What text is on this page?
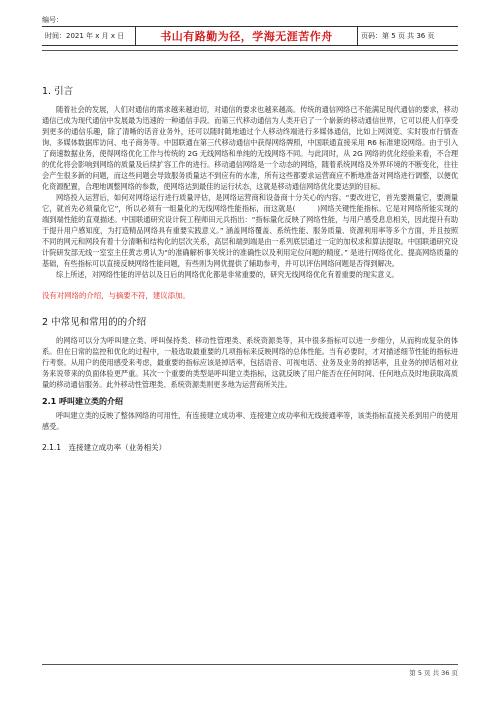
编号：
时间：2021 年 x 月 x 日	书山有路勤为径，学海无涯苦作舟	页码：第 5 页 共 36 页
1. 引言

随着社会的发展，人们对通信的需求越来越迫切，对通信的要求也越来越高。传统的通信网络已不能满足现代通信的要求，移动通信已成为现代通信中发展最为迅速的一种通信手段。而第三代移动通信为人类开启了一个崭新的移动通信世界，它可以使人们享受到更多的通信乐趣，除了清晰的话音业务外，还可以随时随地通过个人移动终端进行多媒体通信，比如上网浏览、实时股市行情查询、多媒体数据库访问、电子商务等。中国联通在第三代移动通信中获得网络牌照，中国联通直接采用 R6 标准建设网络。由于引入了商速数据业务，使得网络优化工作与传统的 2G 无线网络和单纯的无线网络不同。与此同时，从 2G 网络的优化经验来看，不合理的优化将会影响到网络的质量及后续扩容工作的进行。移动通信网络是一个动态的网络，随着系统网络及外界环境的不断变化，往往会产生很多新的问题，而这些问题会导致服务质量达不到应有的水准，所有这些都要求运营商应不断地准备对网络进行调整，以便优化资源配置，合理地调整网络的参数，使网络达到最佳的运行状态，这就是移动通信网络优化要达到的目标。

网络投入运营后，如何对网络运行进行质量评估，是网络运营商和设备商十分关心的内容。“要改进它，首先要测量它，要测量它，就首先必须量化它”，所以必须有一组量化的无线网络性能指标，而这就是(　　　)网络关键性能指标。它是对网络所能实现的端到端性能的直观描述。中国联通研究设计院工程师田元兵指出：“指标量化反映了网络性能，与用户感受息息相关，因此提升有助于提升用户感知度，为打造精品网络具有重要实践意义。” 涵盖网络覆盖、系统性能、服务质量、资源利用率等多个方面，并且按照不同的网元和网段有着十分清晰和结构化的层次关系，高层和端到端是由一系列底层通过一定的加权求和算法提取。中国联通研究设计院研发部无线一室室主任黄志勇认为“的准确解析事关统计的准确性以及利用定位问题的精度。” 是进行网络优化、提高网络质量的基础，有些指标可以直接反映网络性能问题，有些则为网优提供了辅助参考，并可以评估网络问题是否得到解决。

综上所述，对网络性能的评估以及日后的网络优化都是非常重要的，研究无线网络优化有着重要的现实意义。

没有对网络的介绍，与摘要不符，建议添加。
2 中常见和常用的的介绍

的网络可以分为呼叫建立类、呼叫保持类、移动性管理类、系统资源类等，其中很多指标可以进一步细分，从而构成复杂的体系。但在日常的监控和优化的过程中，一般选取最重要的几项指标来反映网络的总体性能。当有必要时，才对描述细节性能的指标进行考察。从用户的使用感受来考虑，最重要的指标应该是掉话率，包括语音、可视电话、业务及业务的掉话率，且业务的掉话相对业务来说带来的负面体验更严重。其次一个重要的类型是呼叫建立类指标，这就反映了用户能否在任何时间、任何地点及时地获取高质量的移动通信服务。此外移动性管理类、系统资源类则更多地为运营商所关注。

2.1 呼叫建立类的介绍

呼叫建立类的反映了整体网络的可用性，有连接建立成功率、连接建立成功率和无线接通率等，该类指标直接关系到用户的使用感受。

2.1.1　连接建立成功率（业务相关）
第 5 页 共 36 页
